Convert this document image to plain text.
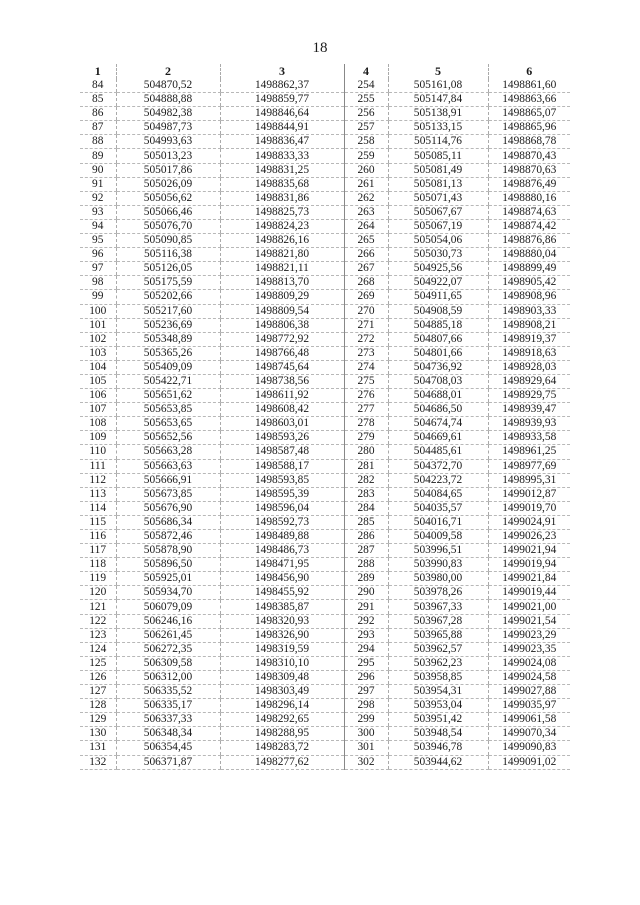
18
1	2	3	4	5	6
84	504870,52	1498862,37	254	505161,08	1498861,60
85	504888,88	1498859,77	255	505147,84	1498863,66
86	504982,38	1498846,64	256	505138,91	1498865,07
87	504987,73	1498844,91	257	505133,15	1498865,96
88	504993,63	1498836,47	258	505114,76	1498868,78
89	505013,23	1498833,33	259	505085,11	1498870,43
90	505017,86	1498831,25	260	505081,49	1498870,63
91	505026,09	1498835,68	261	505081,13	1498876,49
92	505056,62	1498831,86	262	505071,43	1498880,16
93	505066,46	1498825,73	263	505067,67	1498874,63
94	505076,70	1498824,23	264	505067,19	1498874,42
95	505090,85	1498826,16	265	505054,06	1498876,86
96	505116,38	1498821,80	266	505030,73	1498880,04
97	505126,05	1498821,11	267	504925,56	1498899,49
98	505175,59	1498813,70	268	504922,07	1498905,42
99	505202,66	1498809,29	269	504911,65	1498908,96
100	505217,60	1498809,54	270	504908,59	1498903,33
101	505236,69	1498806,38	271	504885,18	1498908,21
102	505348,89	1498772,92	272	504807,66	1498919,37
103	505365,26	1498766,48	273	504801,66	1498918,63
104	505409,09	1498745,64	274	504736,92	1498928,03
105	505422,71	1498738,56	275	504708,03	1498929,64
106	505651,62	1498611,92	276	504688,01	1498929,75
107	505653,85	1498608,42	277	504686,50	1498939,47
108	505653,65	1498603,01	278	504674,74	1498939,93
109	505652,56	1498593,26	279	504669,61	1498933,58
110	505663,28	1498587,48	280	504485,61	1498961,25
111	505663,63	1498588,17	281	504372,70	1498977,69
112	505666,91	1498593,85	282	504223,72	1498995,31
113	505673,85	1498595,39	283	504084,65	1499012,87
114	505676,90	1498596,04	284	504035,57	1499019,70
115	505686,34	1498592,73	285	504016,71	1499024,91
116	505872,46	1498489,88	286	504009,58	1499026,23
117	505878,90	1498486,73	287	503996,51	1499021,94
118	505896,50	1498471,95	288	503990,83	1499019,94
119	505925,01	1498456,90	289	503980,00	1499021,84
120	505934,70	1498455,92	290	503978,26	1499019,44
121	506079,09	1498385,87	291	503967,33	1499021,00
122	506246,16	1498320,93	292	503967,28	1499021,54
123	506261,45	1498326,90	293	503965,88	1499023,29
124	506272,35	1498319,59	294	503962,57	1499023,35
125	506309,58	1498310,10	295	503962,23	1499024,08
126	506312,00	1498309,48	296	503958,85	1499024,58
127	506335,52	1498303,49	297	503954,31	1499027,88
128	506335,17	1498296,14	298	503953,04	1499035,97
129	506337,33	1498292,65	299	503951,42	1499061,58
130	506348,34	1498288,95	300	503948,54	1499070,34
131	506354,45	1498283,72	301	503946,78	1499090,83
132	506371,87	1498277,62	302	503944,62	1499091,02
